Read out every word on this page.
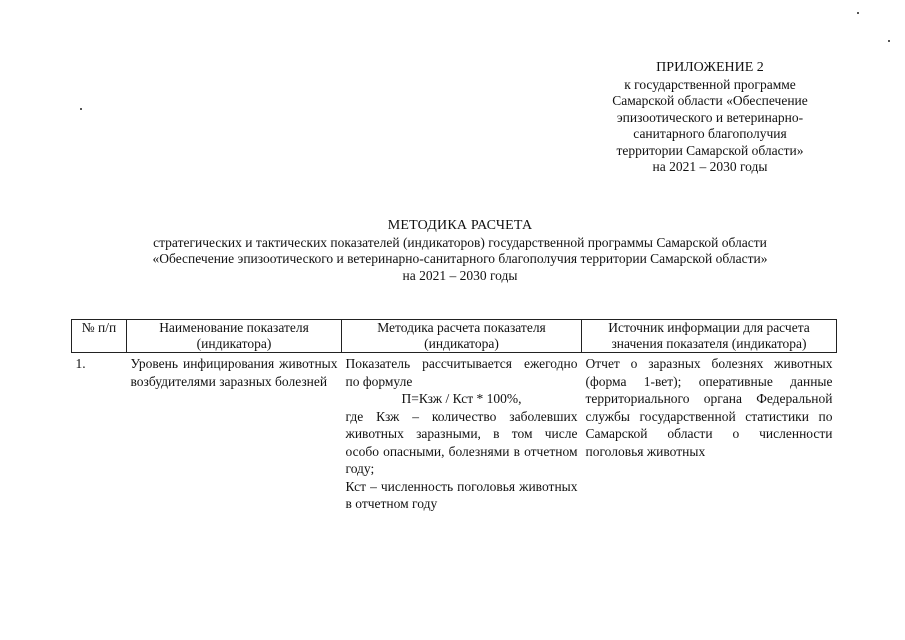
ПРИЛОЖЕНИЕ 2
к государственной программе
Самарской области «Обеспечение
эпизоотического и ветеринарно-
санитарного благополучия
территории Самарской области»
на 2021 – 2030 годы
МЕТОДИКА РАСЧЕТА
стратегических и тактических показателей (индикаторов) государственной программы Самарской области
«Обеспечение эпизоотического и ветеринарно-санитарного благополучия территории Самарской области»
на 2021 – 2030 годы
№ п/п	Наименование показателя (индикатора)	Методика расчета показателя (индикатора)	Источник информации для расчета значения показателя (индикатора)
1.	Уровень инфицирования животных возбудителями заразных болезней	Показатель рассчитывается ежегодно по формуле
П=Кзж / Кст * 100%,
где Кзж – количество заболевших животных заразными, в том числе особо опасными, болезнями в отчетном году;
Кст – численность поголовья животных в отчетном году	Отчет о заразных болезнях животных (форма 1-вет); оперативные данные территориального органа Федеральной службы государственной статистики по Самарской области о численности поголовья животных
